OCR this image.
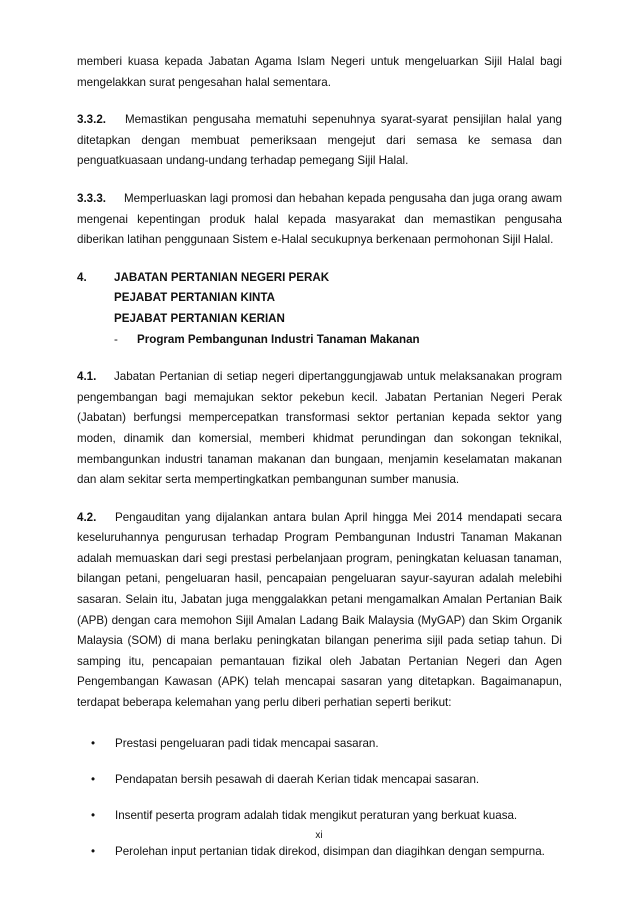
memberi kuasa kepada Jabatan Agama Islam Negeri untuk mengeluarkan Sijil Halal bagi mengelakkan surat pengesahan halal sementara.

3.3.2. Memastikan pengusaha mematuhi sepenuhnya syarat-syarat pensijilan halal yang ditetapkan dengan membuat pemeriksaan mengejut dari semasa ke semasa dan penguatkuasaan undang-undang terhadap pemegang Sijil Halal.

3.3.3. Memperluaskan lagi promosi dan hebahan kepada pengusaha dan juga orang awam mengenai kepentingan produk halal kepada masyarakat dan memastikan pengusaha diberikan latihan penggunaan Sistem e-Halal secukupnya berkenaan permohonan Sijil Halal.

4.	JABATAN PERTANIAN NEGERI PERAK
PEJABAT PERTANIAN KINTA
PEJABAT PERTANIAN KERIAN
- Program Pembangunan Industri Tanaman Makanan

4.1. Jabatan Pertanian di setiap negeri dipertanggungjawab untuk melaksanakan program pengembangan bagi memajukan sektor pekebun kecil. Jabatan Pertanian Negeri Perak (Jabatan) berfungsi mempercepatkan transformasi sektor pertanian kepada sektor yang moden, dinamik dan komersial, memberi khidmat perundingan dan sokongan teknikal, membangunkan industri tanaman makanan dan bungaan, menjamin keselamatan makanan dan alam sekitar serta mempertingkatkan pembangunan sumber manusia.

4.2. Pengauditan yang dijalankan antara bulan April hingga Mei 2014 mendapati secara keseluruhannya pengurusan terhadap Program Pembangunan Industri Tanaman Makanan adalah memuaskan dari segi prestasi perbelanjaan program, peningkatan keluasan tanaman, bilangan petani, pengeluaran hasil, pencapaian pengeluaran sayur-sayuran adalah melebihi sasaran. Selain itu, Jabatan juga menggalakkan petani mengamalkan Amalan Pertanian Baik (APB) dengan cara memohon Sijil Amalan Ladang Baik Malaysia (MyGAP) dan Skim Organik Malaysia (SOM) di mana berlaku peningkatan bilangan penerima sijil pada setiap tahun. Di samping itu, pencapaian pemantauan fizikal oleh Jabatan Pertanian Negeri dan Agen Pengembangan Kawasan (APK) telah mencapai sasaran yang ditetapkan. Bagaimanapun, terdapat beberapa kelemahan yang perlu diberi perhatian seperti berikut:

•	Prestasi pengeluaran padi tidak mencapai sasaran.
•	Pendapatan bersih pesawah di daerah Kerian tidak mencapai sasaran.
•	Insentif peserta program adalah tidak mengikut peraturan yang berkuat kuasa.
•	Perolehan input pertanian tidak direkod, disimpan dan diagihkan dengan sempurna.
xi
